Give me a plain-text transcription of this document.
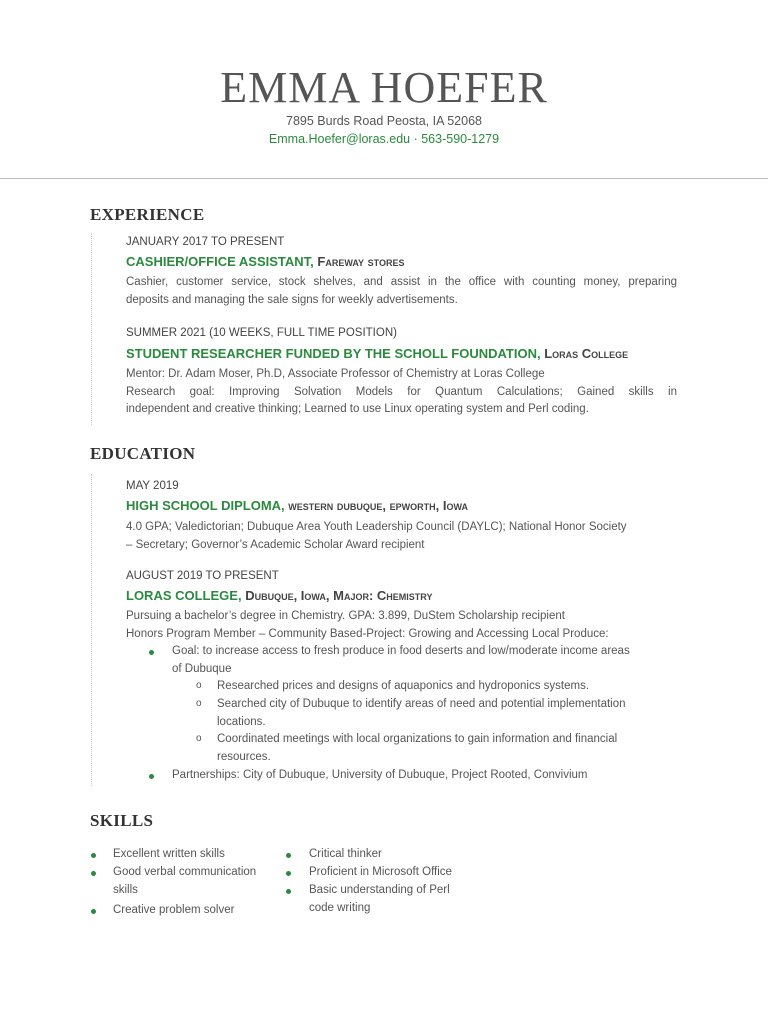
EMMA HOEFER
7895 Burds Road Peosta, IA 52068
Emma.Hoefer@loras.edu · 563-590-1279
EXPERIENCE
JANUARY 2017 TO PRESENT
CASHIER/OFFICE ASSISTANT, Fareway stores
Cashier, customer service, stock shelves, and assist in the office with counting money, preparing
deposits and managing the sale signs for weekly advertisements.
SUMMER 2021 (10 WEEKS, FULL TIME POSITION)
STUDENT RESEARCHER FUNDED BY THE SCHOLL FOUNDATION, Loras College
Mentor: Dr. Adam Moser, Ph.D, Associate Professor of Chemistry at Loras College
Research goal: Improving Solvation Models for Quantum Calculations; Gained skills in
independent and creative thinking; Learned to use Linux operating system and Perl coding.
EDUCATION
MAY 2019
HIGH SCHOOL DIPLOMA, western dubuque, epworth, Iowa
4.0 GPA; Valedictorian; Dubuque Area Youth Leadership Council (DAYLC); National Honor Society
– Secretary; Governor’s Academic Scholar Award recipient
AUGUST 2019 TO PRESENT
LORAS COLLEGE, Dubuque, Iowa, Major: Chemistry
Pursuing a bachelor’s degree in Chemistry. GPA: 3.899, DuStem Scholarship recipient
Honors Program Member – Community Based-Project: Growing and Accessing Local Produce:
Goal: to increase access to fresh produce in food deserts and low/moderate income areas
of Dubuque
o Researched prices and designs of aquaponics and hydroponics systems.
o Searched city of Dubuque to identify areas of need and potential implementation
locations.
o Coordinated meetings with local organizations to gain information and financial
resources.
Partnerships: City of Dubuque, University of Dubuque, Project Rooted, Convivium
SKILLS
Excellent written skills
Good verbal communication
skills
Creative problem solver
Critical thinker
Proficient in Microsoft Office
Basic understanding of Perl
code writing
